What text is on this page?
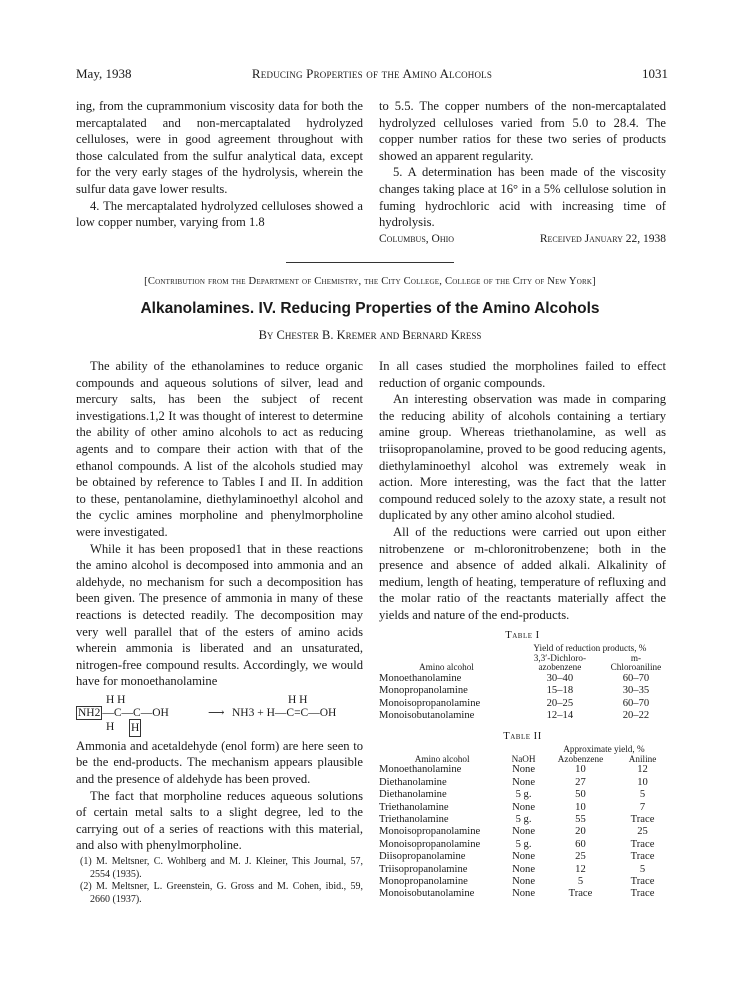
May, 1938	Reducing Properties of the Amino Alcohols	1031

ing, from the cuprammonium viscosity data for both the mercaptalated and non-mercaptalated hydrolyzed celluloses, were in good agreement throughout with those calculated from the sulfur analytical data, except for the very early stages of the hydrolysis, wherein the sulfur data gave lower results.

4. The mercaptalated hydrolyzed celluloses showed a low copper number, varying from 1.8

to 5.5. The copper numbers of the non-mercaptalated hydrolyzed celluloses varied from 5.0 to 28.4. The copper number ratios for these two series of products showed an apparent regularity.

5. A determination has been made of the viscosity changes taking place at 16° in a 5% cellulose solution in fuming hydrochloric acid with increasing time of hydrolysis.

Columbus, Ohio	Received January 22, 1938
[Contribution from the Department of Chemistry, the City College, College of the City of New York]
Alkanolamines. IV. Reducing Properties of the Amino Alcohols
By Chester B. Kremer and Bernard Kress

The ability of the ethanolamines to reduce organic compounds and aqueous solutions of silver, lead and mercury salts, has been the subject of recent investigations.1,2 It was thought of interest to determine the ability of other amino alcohols to act as reducing agents and to compare their action with that of the ethanol compounds. A list of the alcohols studied may be obtained by reference to Tables I and II. In addition to these, pentanolamine, diethylaminoethyl alcohol and the cyclic amines morpholine and phenylmorpholine were investigated.

While it has been proposed1 that in these reactions the amino alcohol is decomposed into ammonia and an aldehyde, no mechanism for such a decomposition has been given. The presence of ammonia in many of these reactions is detected readily. The decomposition may very well parallel that of the esters of amino acids wherein ammonia is liberated and an unsaturated, nitrogen-free compound results. Accordingly, we would have for monoethanolamine

H H
NH2 —C—C—OH	⟶ NH3 + H—C=C—OH
H H
H H

Ammonia and acetaldehyde (enol form) are here seen to be the end-products. The mechanism appears plausible and the presence of aldehyde has been proved.

The fact that morpholine reduces aqueous solutions of certain metal salts to a slight degree, led to the carrying out of a series of reactions with this material, and also with phenylmorpholine.

(1) M. Meltsner, C. Wohlberg and M. J. Kleiner, This Journal, 57, 2554 (1935).
(2) M. Meltsner, L. Greenstein, G. Gross and M. Cohen, ibid., 59, 2660 (1937).

In all cases studied the morpholines failed to effect reduction of organic compounds.

An interesting observation was made in comparing the reducing ability of alcohols containing a tertiary amine group. Whereas triethanolamine, as well as triisopropanolamine, proved to be good reducing agents, diethylaminoethyl alcohol was extremely weak in action. More interesting, was the fact that the latter compound reduced solely to the azoxy state, a result not duplicated by any other amino alcohol studied.

All of the reductions were carried out upon either nitrobenzene or m-chloronitrobenzene; both in the presence and absence of added alkali. Alkalinity of medium, length of heating, temperature of refluxing and the molar ratio of the reactants materially affect the yields and nature of the end-products.

Table I
Amino alcohol	Yield of reduction products, %	
	3,3′-Dichloro-azobenzene	m-Chloroaniline
Monoethanolamine	30–40	60–70
Monopropanolamine	15–18	30–35
Monoisopropanolamine	20–25	60–70
Monoisobutanolamine	12–14	20–22
Table II
Amino alcohol	NaOH	Approximate yield, %	
		Azobenzene	Aniline
Monoethanolamine	None	10	12
Diethanolamine	None	27	10
Diethanolamine	5 g.	50	5
Triethanolamine	None	10	7
Triethanolamine	5 g.	55	Trace
Monoisopropanolamine	None	20	25
Monoisopropanolamine	5 g.	60	Trace
Diisopropanolamine	None	25	Trace
Triisopropanolamine	None	12	5
Monopropanolamine	None	5	Trace
Monoisobutanolamine	None	Trace	Trace
